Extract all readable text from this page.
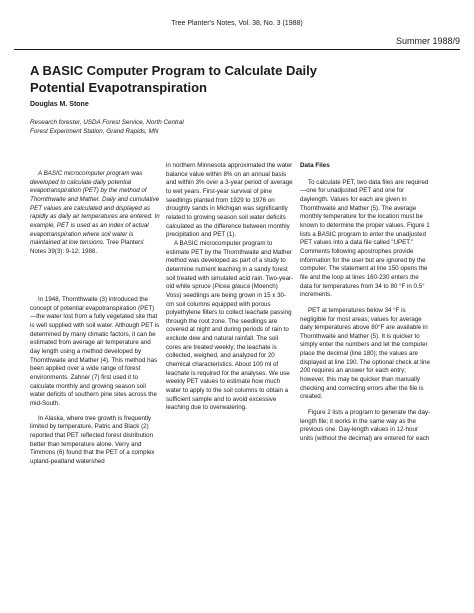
Tree Planter's Notes, Vol. 38, No. 3 (1988)
Summer 1988/9
A BASIC Computer Program to Calculate Daily Potential Evapotranspiration
Douglas M. Stone
Research forester, USDA Forest Service, North Central
Forest Experiment Station, Grand Rapids, MN

A BASIC microcomputer program was developed to calculate daily potential evapotranspiration (PET) by the method of Thornthwaite and Mather. Daily and cumulative PET values are calculated and displayed as rapidly as daily air temperatures are entered. In example, PET is used as an index of actual evapotranspiration where soil water is maintained at low tensions. Tree Planters' Notes 39(3): 9-12; 1988.

In 1948, Thornthwaite (3) introduced the concept of potential evapotranspiration (PET)—the water lost from a fully vegetated site that is well supplied with soil water. Although PET is determined by many climatic factors, it can be estimated from average air temperature and day length using a method developed by Thornthwaite and Mather (4). This method has been applied over a wide range of forest environments. Zahner (7) first used it to calculate monthly and growing season soil water deficits of southern pine sites across the mid-South.

In Alaska, where tree growth is frequently limited by temperature, Patric and Black (2) reported that PET reflected forest distribution better than temperature alone. Verry and Timmons (6) found that the PET of a complex upland-peatland watershed

in northern Minnesota approximated the water balance value within 8% on an annual basis and within 3% over a 3-year period of average to wet years. First-year survival of pine seedlings planted from 1929 to 1976 on droughty sands in Michigan was significantly related to growing season soil water deficits calculated as the difference between monthly precipitation and PET (1).

A BASIC microcomputer program to estimate PET by the Thornthwaite and Mather method was developed as part of a study to determine nutrient leaching in a sandy forest soil treated with simulated acid rain. Two-year-old white spruce (Picea glauca (Moench) Voss) seedlings are being grown in 15 x 30-cm soil columns equipped with porous polyethylene filters to collect leachate passing through the root zone. The seedlings are covered at night and during periods of rain to exclude dew and natural rainfall. The soil cores are treated weekly; the leachate is collected, weighed, and analyzed for 20 chemical characteristics. About 100 ml of leachate is required for the analyses. We use weekly PET values to estimate how much water to apply to the soil columns to obtain a sufficient sample and to avoid excessive leaching due to overwatering.

Data Files

To calculate PET, two data files are required—one for unadjusted PET and one for daylength. Values for each are given in Thornthwaite and Mather (5). The average monthly temperature for the location must be known to determine the proper values. Figure 1 lists a BASIC program to enter the unadjusted PET values into a data file called "UPET." Comments following apostrophes provide information for the user but are ignored by the computer. The statement at line 150 opens the file and the loop at lines 160-230 enters the data for temperatures from 34 to 80 °F in 0.5° increments.

PET at temperatures below 34 °F is negligible for most areas; values for average daily temperatures above 80°F are available in Thornthwaite and Mather (5). It is quicker to simply enter the numbers and let the computer place the decimal (line 180); the values are displayed at line 190. The optional check at line 200 requires an answer for each entry; however, this may be quicker than manually checking and correcting errors after the file is created.

Figure 2 lists a program to generate the day-length file; it works in the same way as the previous one. Day-length values in 12-hour units (without the decimal) are entered for each
